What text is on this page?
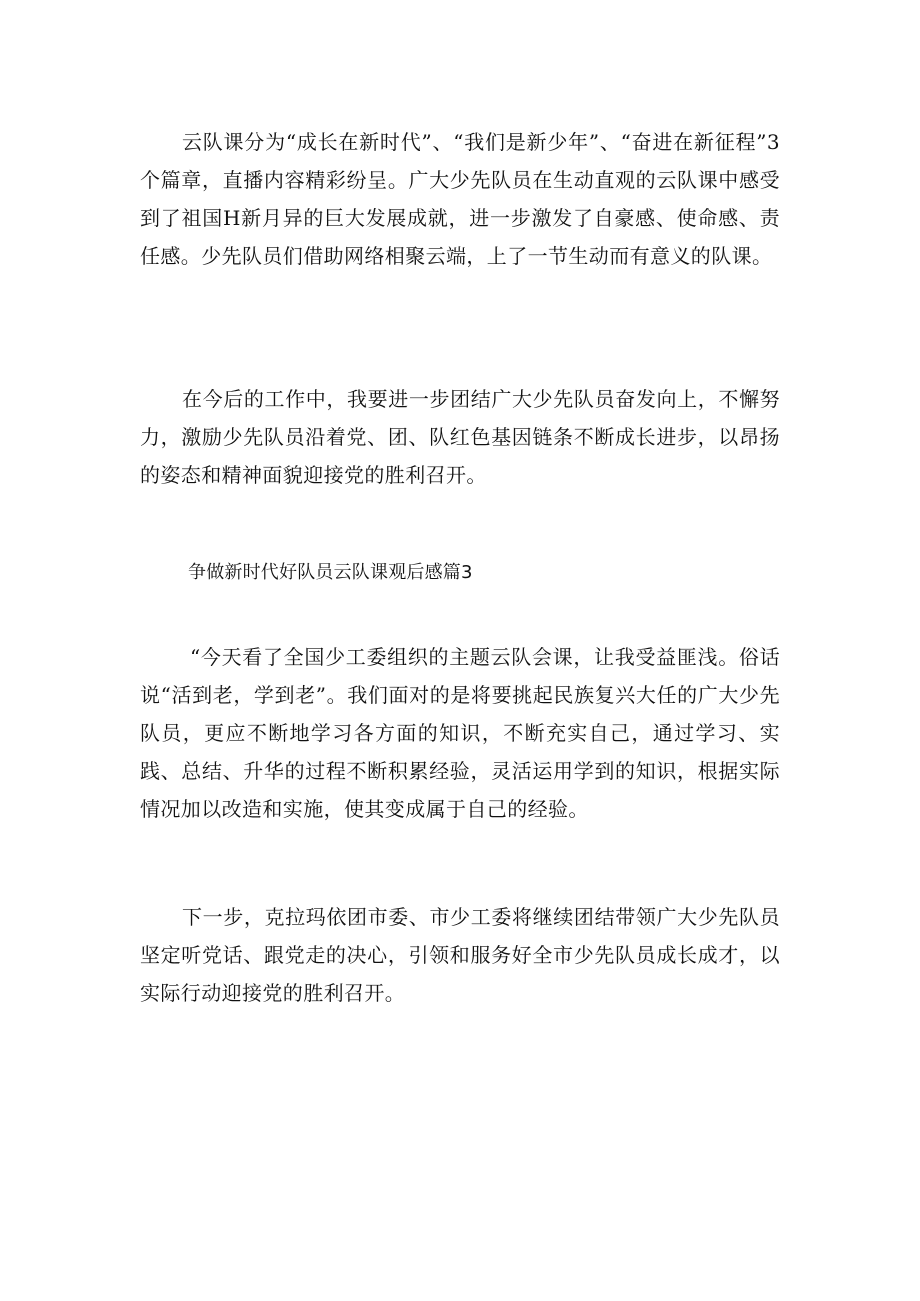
云队课分为“成长在新时代”、“我们是新少年”、“奋进在新征程”3个篇章，直播内容精彩纷呈。广大少先队员在生动直观的云队课中感受到了祖国H新月异的巨大发展成就，进一步激发了自豪感、使命感、责任感。少先队员们借助网络相聚云端，上了一节生动而有意义的队课。

在今后的工作中，我要进一步团结广大少先队员奋发向上，不懈努力，激励少先队员沿着党、团、队红色基因链条不断成长进步，以昂扬的姿态和精神面貌迎接党的胜利召开。

争做新时代好队员云队课观后感篇3

“今天看了全国少工委组织的主题云队会课，让我受益匪浅。俗话说“活到老，学到老”。我们面对的是将要挑起民族复兴大任的广大少先队员，更应不断地学习各方面的知识，不断充实自己，通过学习、实践、总结、升华的过程不断积累经验，灵活运用学到的知识，根据实际情况加以改造和实施，使其变成属于自己的经验。

下一步，克拉玛依团市委、市少工委将继续团结带领广大少先队员坚定听党话、跟党走的决心，引领和服务好全市少先队员成长成才，以实际行动迎接党的胜利召开。
